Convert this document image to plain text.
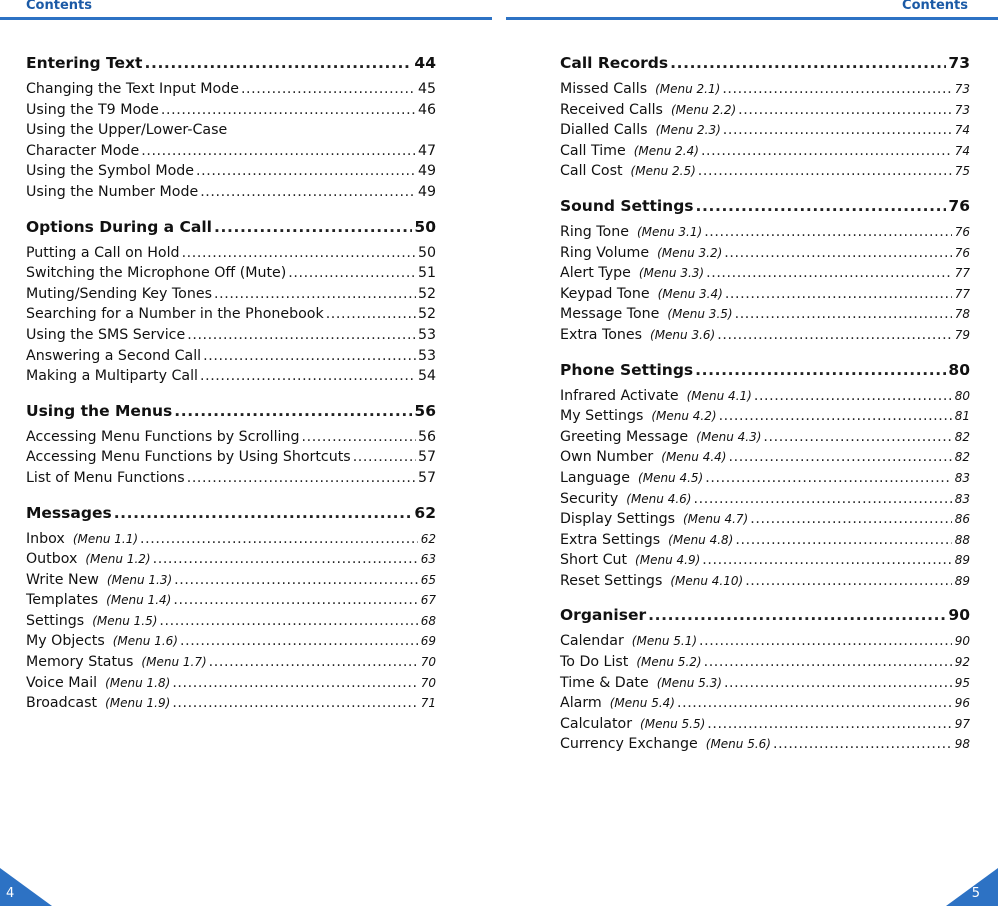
Contents	Contents
Entering Text .....	44
Changing the Text Input Mode .....	45
Using the T9 Mode .....	46
Using the Upper/Lower-Case
Character Mode .....	47
Using the Symbol Mode .....	49
Using the Number Mode .....	49
Options During a Call .....	50
Putting a Call on Hold .....	50
Switching the Microphone Off (Mute) .....	51
Muting/Sending Key Tones .....	52
Searching for a Number in the Phonebook .....	52
Using the SMS Service .....	53
Answering a Second Call .....	53
Making a Multiparty Call .....	54
Using the Menus .....	56
Accessing Menu Functions by Scrolling .....	56
Accessing Menu Functions by Using Shortcuts .....	57
List of Menu Functions .....	57
Messages .....	62
Inbox (Menu 1.1) .....	62
Outbox (Menu 1.2) .....	63
Write New (Menu 1.3) .....	65
Templates (Menu 1.4) .....	67
Settings (Menu 1.5) .....	68
My Objects (Menu 1.6) .....	69
Memory Status (Menu 1.7) .....	70
Voice Mail (Menu 1.8) .....	70
Broadcast (Menu 1.9) .....	71
Call Records .....	73
Missed Calls (Menu 2.1) .....	73
Received Calls (Menu 2.2) .....	73
Dialled Calls (Menu 2.3) .....	74
Call Time (Menu 2.4) .....	74
Call Cost (Menu 2.5) .....	75
Sound Settings .....	76
Ring Tone (Menu 3.1) .....	76
Ring Volume (Menu 3.2) .....	76
Alert Type (Menu 3.3) .....	77
Keypad Tone (Menu 3.4) .....	77
Message Tone (Menu 3.5) .....	78
Extra Tones (Menu 3.6) .....	79
Phone Settings .....	80
Infrared Activate (Menu 4.1) .....	80
My Settings (Menu 4.2) .....	81
Greeting Message (Menu 4.3) .....	82
Own Number (Menu 4.4) .....	82
Language (Menu 4.5) .....	83
Security (Menu 4.6) .....	83
Display Settings (Menu 4.7) .....	86
Extra Settings (Menu 4.8) .....	88
Short Cut (Menu 4.9) .....	89
Reset Settings (Menu 4.10) .....	89
Organiser .....	90
Calendar (Menu 5.1) .....	90
To Do List (Menu 5.2) .....	92
Time & Date (Menu 5.3) .....	95
Alarm (Menu 5.4) .....	96
Calculator (Menu 5.5) .....	97
Currency Exchange (Menu 5.6) .....	98
4	5
